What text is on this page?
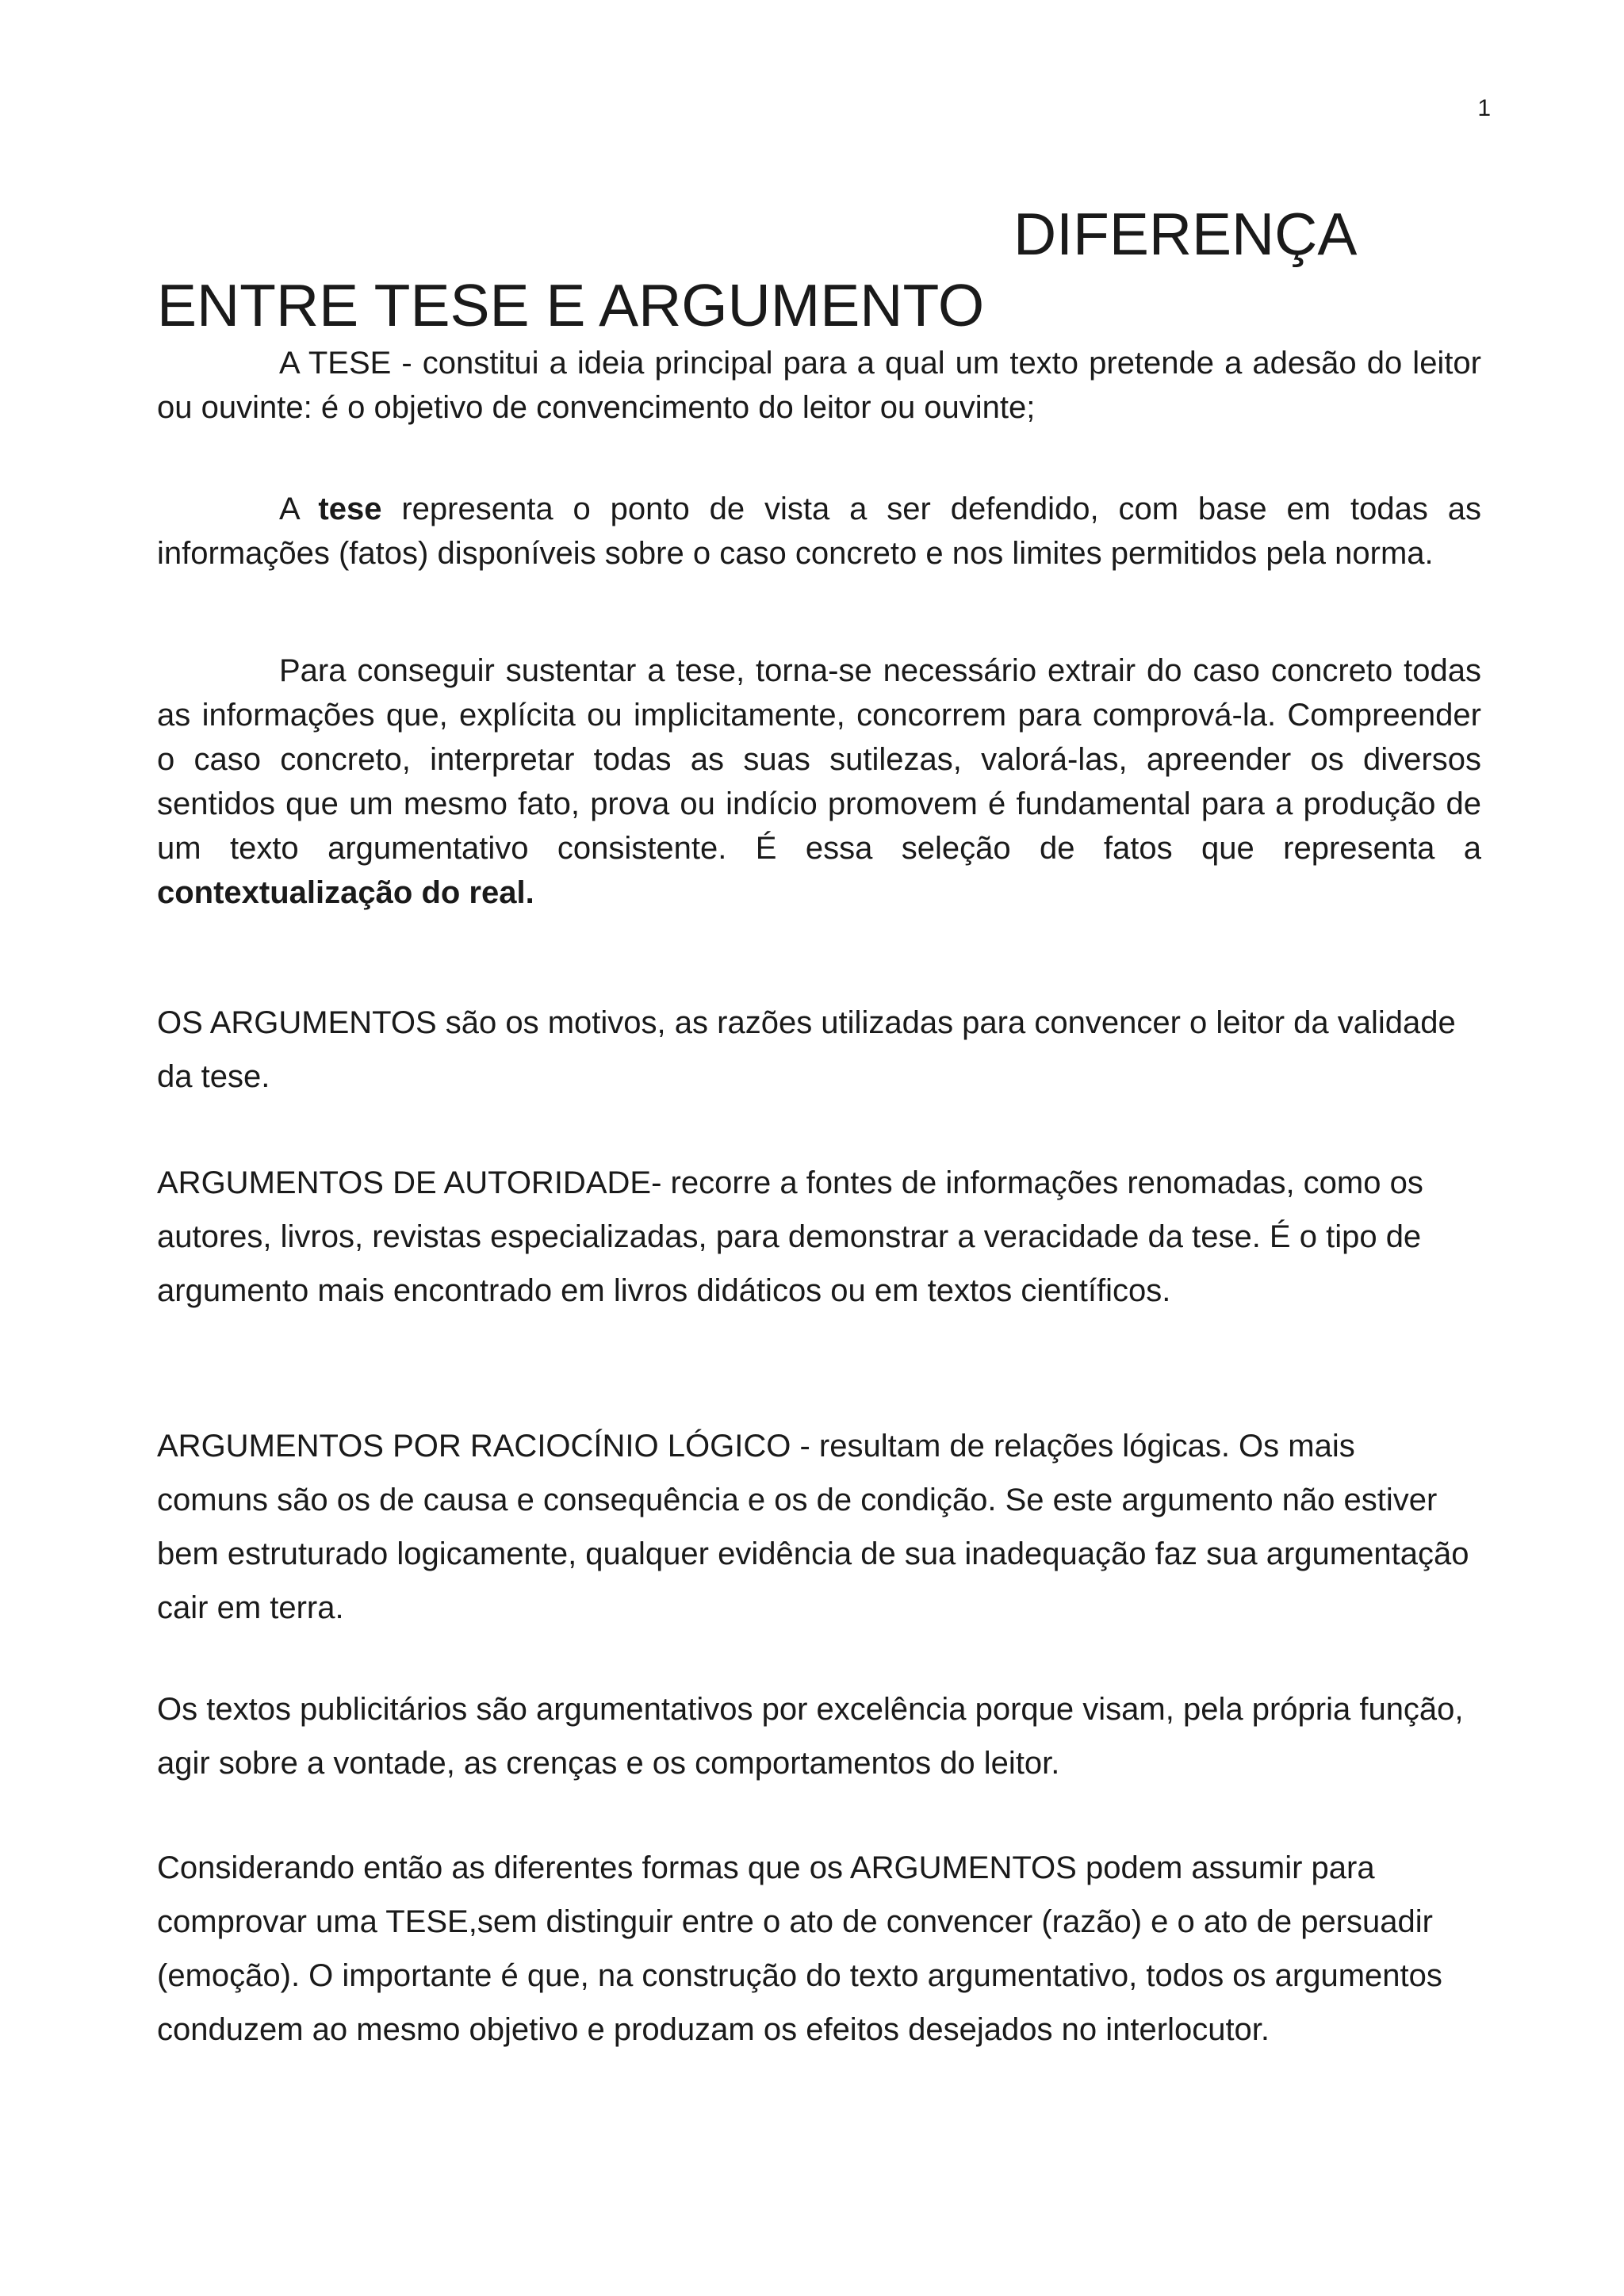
1
DIFERENÇA
ENTRE TESE E ARGUMENTO

A TESE - constitui a ideia principal para a qual um texto pretende a adesão do leitor ou ouvinte: é o objetivo de convencimento do leitor ou ouvinte;

A tese representa o ponto de vista a ser defendido, com base em todas as informações (fatos) disponíveis sobre o caso concreto e nos limites permitidos pela norma.

Para conseguir sustentar a tese, torna-se necessário extrair do caso concreto todas as informações que, explícita ou implicitamente, concorrem para comprová-la. Compreender o caso concreto, interpretar todas as suas sutilezas, valorá-las, apreender os diversos sentidos que um mesmo fato, prova ou indício promovem é fundamental para a produção de um texto argumentativo consistente. É essa seleção de fatos que representa a contextualização do real.

OS ARGUMENTOS são os motivos, as razões utilizadas para convencer o leitor da validade da tese.

ARGUMENTOS DE AUTORIDADE- recorre a fontes de informações renomadas, como os autores, livros, revistas especializadas, para demonstrar a veracidade da tese. É o tipo de argumento mais encontrado em livros didáticos ou em textos científicos.

ARGUMENTOS POR RACIOCÍNIO LÓGICO - resultam de relações lógicas. Os mais comuns são os de causa e consequência e os de condição. Se este argumento não estiver bem estruturado logicamente, qualquer evidência de sua inadequação faz sua argumentação cair em terra.

Os textos publicitários são argumentativos por excelência porque visam, pela própria função, agir sobre a vontade, as crenças e os comportamentos do leitor.

Considerando então as diferentes formas que os ARGUMENTOS podem assumir para comprovar uma TESE,sem distinguir entre o ato de convencer (razão) e o ato de persuadir (emoção). O importante é que, na construção do texto argumentativo, todos os argumentos conduzem ao mesmo objetivo e produzam os efeitos desejados no interlocutor.
